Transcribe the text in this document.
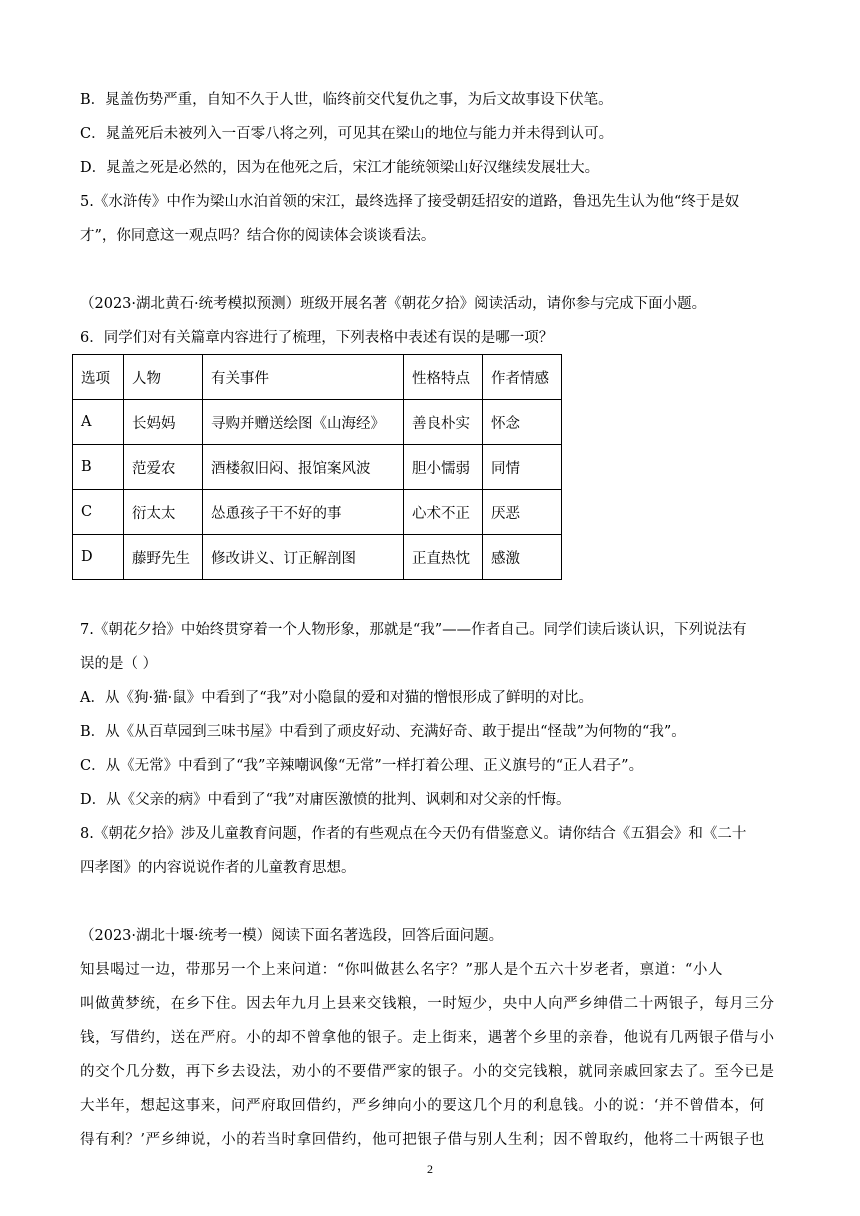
B．晁盖伤势严重，自知不久于人世，临终前交代复仇之事，为后文故事设下伏笔。
C．晁盖死后未被列入一百零八将之列，可见其在梁山的地位与能力并未得到认可。
D．晁盖之死是必然的，因为在他死之后，宋江才能统领梁山好汉继续发展壮大。
5.《水浒传》中作为梁山水泊首领的宋江，最终选择了接受朝廷招安的道路，鲁迅先生认为他“终于是奴
才”，你同意这一观点吗？结合你的阅读体会谈谈看法。
（2023·湖北黄石·统考模拟预测）班级开展名著《朝花夕拾》阅读活动，请你参与完成下面小题。
6．同学们对有关篇章内容进行了梳理，下列表格中表述有误的是哪一项？
选项	人物	有关事件	性格特点	作者情感
A	长妈妈	寻购并赠送绘图《山海经》	善良朴实	怀念
B	范爱农	酒楼叙旧闷、报馆案风波	胆小懦弱	同情
C	衍太太	怂恿孩子干不好的事	心术不正	厌恶
D	藤野先生	修改讲义、订正解剖图	正直热忱	感激
7.《朝花夕拾》中始终贯穿着一个人物形象，那就是“我”——作者自己。同学们读后谈认识，下列说法有
误的是（ ）
A．从《狗·猫·鼠》中看到了“我”对小隐鼠的爱和对猫的憎恨形成了鲜明的对比。
B．从《从百草园到三味书屋》中看到了顽皮好动、充满好奇、敢于提出“怪哉”为何物的“我”。
C．从《无常》中看到了“我”辛辣嘲讽像“无常”一样打着公理、正义旗号的“正人君子”。
D．从《父亲的病》中看到了“我”对庸医激愤的批判、讽刺和对父亲的忏悔。
8.《朝花夕拾》涉及儿童教育问题，作者的有些观点在今天仍有借鉴意义。请你结合《五猖会》和《二十
四孝图》的内容说说作者的儿童教育思想。
（2023·湖北十堰·统考一模）阅读下面名著选段，回答后面问题。
知县喝过一边，带那另一个上来问道：“你叫做甚么名字？”那人是个五六十岁老者，禀道：“小人
叫做黄梦统，在乡下住。因去年九月上县来交钱粮，一时短少，央中人向严乡绅借二十两银子，每月三分
钱，写借约，送在严府。小的却不曾拿他的银子。走上街来，遇著个乡里的亲眷，他说有几两银子借与小
的交个几分数，再下乡去设法，劝小的不要借严家的银子。小的交完钱粮，就同亲戚回家去了。至今已是
大半年，想起这事来，问严府取回借约，严乡绅向小的要这几个月的利息钱。小的说：‘并不曾借本，何
得有利？’严乡绅说，小的若当时拿回借约，他可把银子借与别人生利；因不曾取约，他将二十两银子也
2
